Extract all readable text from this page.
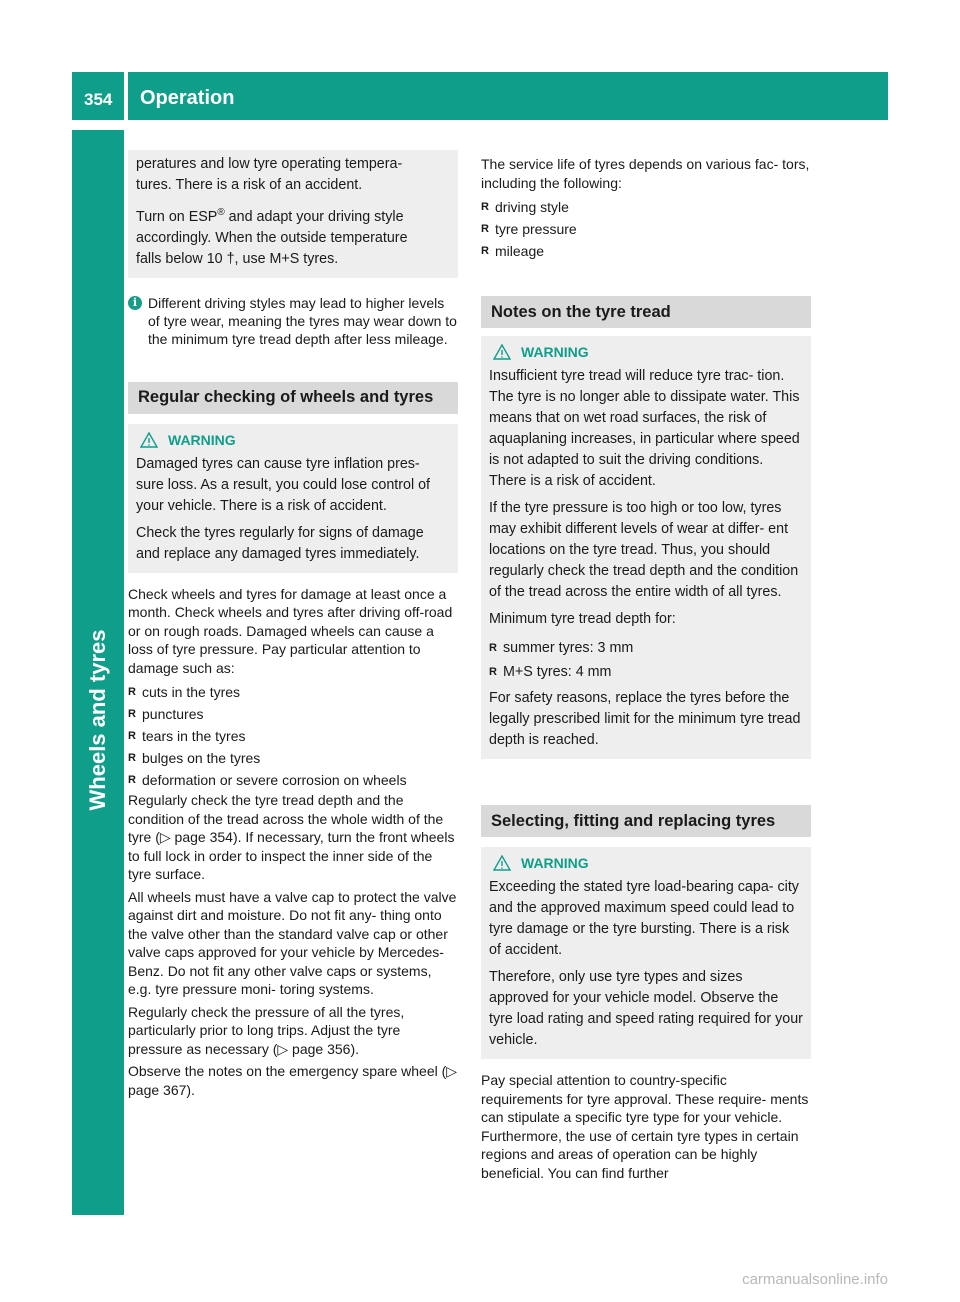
354	Operation
Wheels and tyres

peratures and low tyre operating tempera-

tures. There is a risk of an accident.

Turn on ESP® and adapt your driving style

accordingly. When the outside temperature

falls below 10 †, use M+S tyres.

i Different driving styles may lead to higher levels of tyre wear, meaning the tyres may wear down to the minimum tyre tread depth after less mileage.
Regular checking of wheels and tyres
WARNING

Damaged tyres can cause tyre inflation pres- sure loss. As a result, you could lose control of your vehicle. There is a risk of accident.

Check the tyres regularly for signs of damage and replace any damaged tyres immediately.

Check wheels and tyres for damage at least once a month. Check wheels and tyres after driving off-road or on rough roads. Damaged wheels can cause a loss of tyre pressure. Pay particular attention to damage such as:

R cuts in the tyres
R punctures
R tears in the tyres
R bulges on the tyres
R deformation or severe corrosion on wheels

Regularly check the tyre tread depth and the condition of the tread across the whole width of the tyre (▷ page 354). If necessary, turn the front wheels to full lock in order to inspect the inner side of the tyre surface.

All wheels must have a valve cap to protect the valve against dirt and moisture. Do not fit any- thing onto the valve other than the standard valve cap or other valve caps approved for your vehicle by Mercedes-Benz. Do not fit any other valve caps or systems, e.g. tyre pressure moni- toring systems.

Regularly check the pressure of all the tyres, particularly prior to long trips. Adjust the tyre pressure as necessary (▷ page 356).

Observe the notes on the emergency spare wheel (▷ page 367).

The service life of tyres depends on various fac- tors, including the following:

R driving style
R tyre pressure
R mileage
Notes on the tyre tread
WARNING

Insufficient tyre tread will reduce tyre trac- tion. The tyre is no longer able to dissipate water. This means that on wet road surfaces, the risk of aquaplaning increases, in particular where speed is not adapted to suit the driving conditions. There is a risk of accident.

If the tyre pressure is too high or too low, tyres may exhibit different levels of wear at differ- ent locations on the tyre tread. Thus, you should regularly check the tread depth and the condition of the tread across the entire width of all tyres.

Minimum tyre tread depth for:

R summer tyres: 3 mm
R M+S tyres: 4 mm

For safety reasons, replace the tyres before the legally prescribed limit for the minimum tyre tread depth is reached.

Selecting, fitting and replacing tyres
WARNING

Exceeding the stated tyre load-bearing capa- city and the approved maximum speed could lead to tyre damage or the tyre bursting. There is a risk of accident.

Therefore, only use tyre types and sizes approved for your vehicle model. Observe the tyre load rating and speed rating required for your vehicle.

Pay special attention to country-specific requirements for tyre approval. These require- ments can stipulate a specific tyre type for your vehicle. Furthermore, the use of certain tyre types in certain regions and areas of operation can be highly beneficial. You can find further

carmanualsonline.info
